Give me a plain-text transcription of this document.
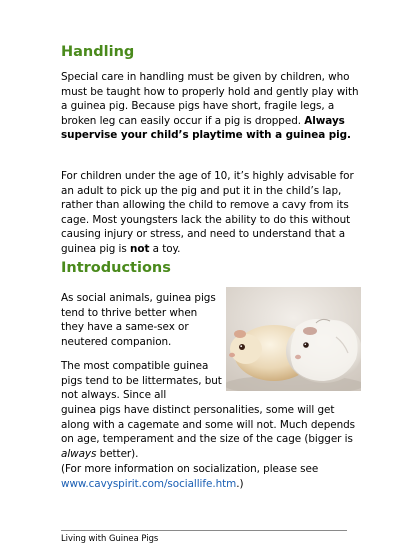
Handling

Special care in handling must be given by children, who must be taught how to properly hold and gently play with a guinea pig. Because pigs have short, fragile legs, a broken leg can easily occur if a pig is dropped. Always supervise your child’s playtime with a guinea pig.

For children under the age of 10, it’s highly advisable for an adult to pick up the pig and put it in the child’s lap, rather than allowing the child to remove a cavy from its cage. Most youngsters lack the ability to do this without causing injury or stress, and need to understand that a guinea pig is not a toy.

Introductions

As social animals, guinea pigs tend to thrive better when they have a same-sex or neutered companion.

The most compatible guinea pigs tend to be littermates, but not always. Since all

guinea pigs have distinct personalities, some will get along with a cagemate and some will not. Much depends on age, temperament and the size of the cage (bigger is always better).

(For more information on socialization, please see www.cavyspirit.com/sociallife.htm.)

Living with Guinea Pigs
